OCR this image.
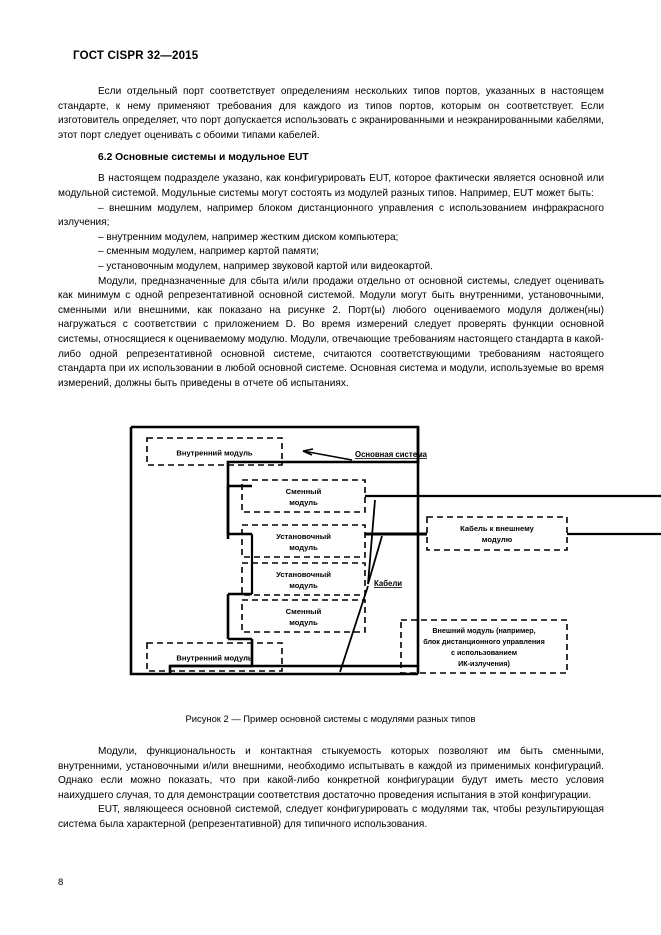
ГОСТ CISPR 32—2015

Если отдельный порт соответствует определениям нескольких типов портов, указанных в настоящем стандарте, к нему применяют требования для каждого из типов портов, которым он соответствует. Если изготовитель определяет, что порт допускается использовать с экранированными и неэкранированными кабелями, этот порт следует оценивать с обоими типами кабелей.

6.2 Основные системы и модульное EUT

В настоящем подразделе указано, как конфигурировать EUT, которое фактически является основной или модульной системой. Модульные системы могут состоять из модулей разных типов. Например, EUT может быть:

– внешним модулем, например блоком дистанционного управления с использованием инфракрасного излучения;

– внутренним модулем, например жестким диском компьютера;

– сменным модулем, например картой памяти;

– установочным модулем, например звуковой картой или видеокартой.

Модули, предназначенные для сбыта и/или продажи отдельно от основной системы, следует оценивать как минимум с одной репрезентативной основной системой. Модули могут быть внутренними, установочными, сменными или внешними, как показано на рисунке 2. Порт(ы) любого оцениваемого модуля должен(ны) нагружаться с соответствии с приложением D. Во время измерений следует проверять функции основной системы, относящиеся к оцениваемому модулю. Модули, отвечающие требованиям настоящего стандарта в какой-либо одной репрезентативной основной системе, считаются соответствующими требованиям настоящего стандарта при их использовании в любой основной системе. Основная система и модули, используемые во время измерений, должны быть приведены в отчете об испытаниях.

Внутренний модуль
Сменный
модуль
Установочный
модуль
Установочный
модуль
Сменный
модуль
Внутренний модуль
Кабель к внешнему
модулю
Внешний модуль (например,
блок дистанционного управления
с использованием
ИК-излучения)
Основная система
Кабели
Рисунок 2 — Пример основной системы с модулями разных типов

Модули, функциональность и контактная стыкуемость которых позволяют им быть сменными, внутренними, установочными и/или внешними, необходимо испытывать в каждой из применимых конфигураций. Однако если можно показать, что при какой-либо конкретной конфигурации будут иметь место условия наихудшего случая, то для демонстрации соответствия достаточно проведения испытания в этой конфигурации.

EUT, являющееся основной системой, следует конфигурировать с модулями так, чтобы результирующая система была характерной (репрезентативной) для типичного использования.

8
